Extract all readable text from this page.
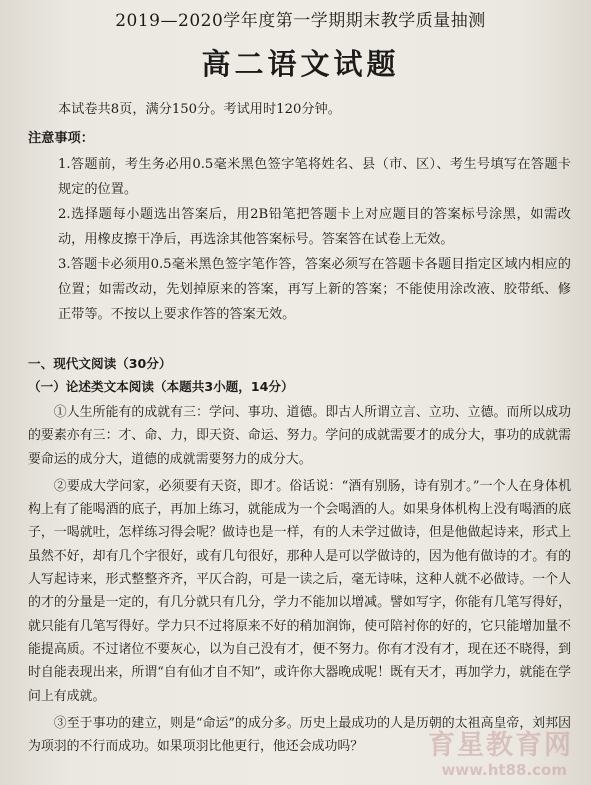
2019—2020学年度第一学期期末教学质量抽测
高二语文试题
本试卷共8页，满分150分。考试用时120分钟。
注意事项：
1.答题前，考生务必用0.5毫米黑色签字笔将姓名、县（市、区）、考生号填写在答题卡规定的位置。
2.选择题每小题选出答案后，用2B铅笔把答题卡上对应题目的答案标号涂黑，如需改动，用橡皮擦干净后，再选涂其他答案标号。答案答在试卷上无效。
3.答题卡必须用0.5毫米黑色签字笔作答，答案必须写在答题卡各题目指定区域内相应的位置；如需改动，先划掉原来的答案，再写上新的答案；不能使用涂改液、胶带纸、修正带等。不按以上要求作答的答案无效。
一、现代文阅读（30分）
（一）论述类文本阅读（本题共3小题，14分）

①人生所能有的成就有三：学问、事功、道德。即古人所谓立言、立功、立德。而所以成功的要素亦有三：才、命、力，即天资、命运、努力。学问的成就需要才的成分大，事功的成就需要命运的成分大，道德的成就需要努力的成分大。

②要成大学问家，必须要有天资，即才。俗话说：“酒有别肠，诗有别才。”一个人在身体机构上有了能喝酒的底子，再加上练习，就能成为一个会喝酒的人。如果身体机构上没有喝酒的底子，一喝就吐，怎样练习得会呢？做诗也是一样，有的人未学过做诗，但是他做起诗来，形式上虽然不好，却有几个字很好，或有几句很好，那种人是可以学做诗的，因为他有做诗的才。有的人写起诗来，形式整整齐齐，平仄合韵，可是一读之后，毫无诗味，这种人就不必做诗。一个人的才的分量是一定的，有几分就只有几分，学力不能加以增减。譬如写字，你能有几笔写得好，就只能有几笔写得好。学力只不过将原来不好的稍加润饰，使可陪衬你的好的，它只能增加量不能提高质。不过诸位不要灰心，以为自己没有才，便不努力。你有才没有才，现在还不晓得，到时自能表现出来，所谓“自有仙才自不知”，或许你大器晚成呢！既有天才，再加学力，就能在学问上有成就。

③至于事功的建立，则是“命运”的成分多。历史上最成功的人是历朝的太祖高皇帝，刘邦因为项羽的不行而成功。如果项羽比他更行，他还会成功吗？	育星教育网
www.ht88.com
